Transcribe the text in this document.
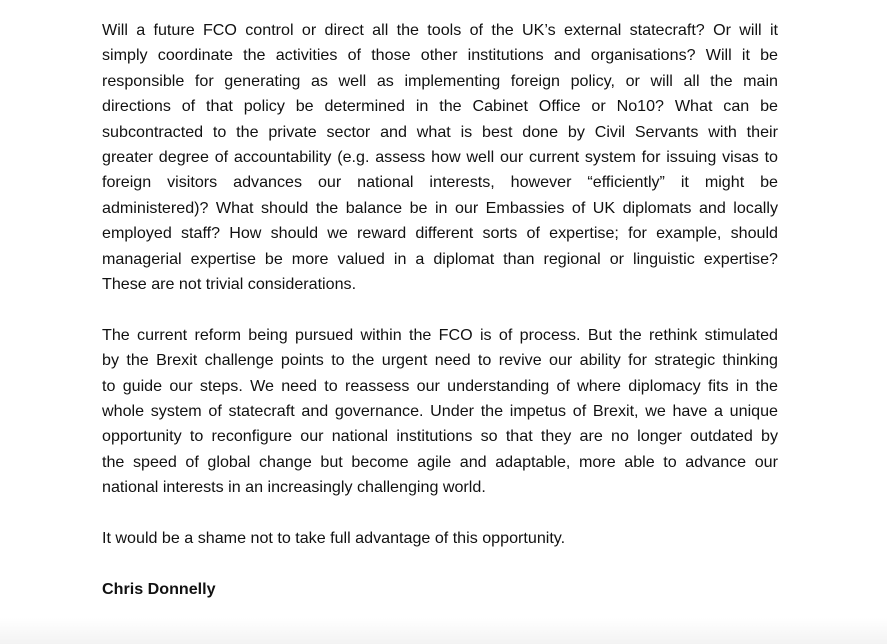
Will a future FCO control or direct all the tools of the UK’s external statecraft? Or will it
simply coordinate the activities of those other institutions and organisations? Will it be
responsible for generating as well as implementing foreign policy, or will all the main
directions of that policy be determined in the Cabinet Office or No10? What can be
subcontracted to the private sector and what is best done by Civil Servants with their
greater degree of accountability (e.g. assess how well our current system for issuing visas to
foreign visitors advances our national interests, however “efficiently” it might be
administered)? What should the balance be in our Embassies of UK diplomats and locally
employed staff? How should we reward different sorts of expertise; for example, should
managerial expertise be more valued in a diplomat than regional or linguistic expertise?
These are not trivial considerations.

The current reform being pursued within the FCO is of process. But the rethink stimulated
by the Brexit challenge points to the urgent need to revive our ability for strategic thinking
to guide our steps. We need to reassess our understanding of where diplomacy fits in the
whole system of statecraft and governance. Under the impetus of Brexit, we have a unique
opportunity to reconfigure our national institutions so that they are no longer outdated by
the speed of global change but become agile and adaptable, more able to advance our
national interests in an increasingly challenging world.

It would be a shame not to take full advantage of this opportunity.

Chris Donnelly
